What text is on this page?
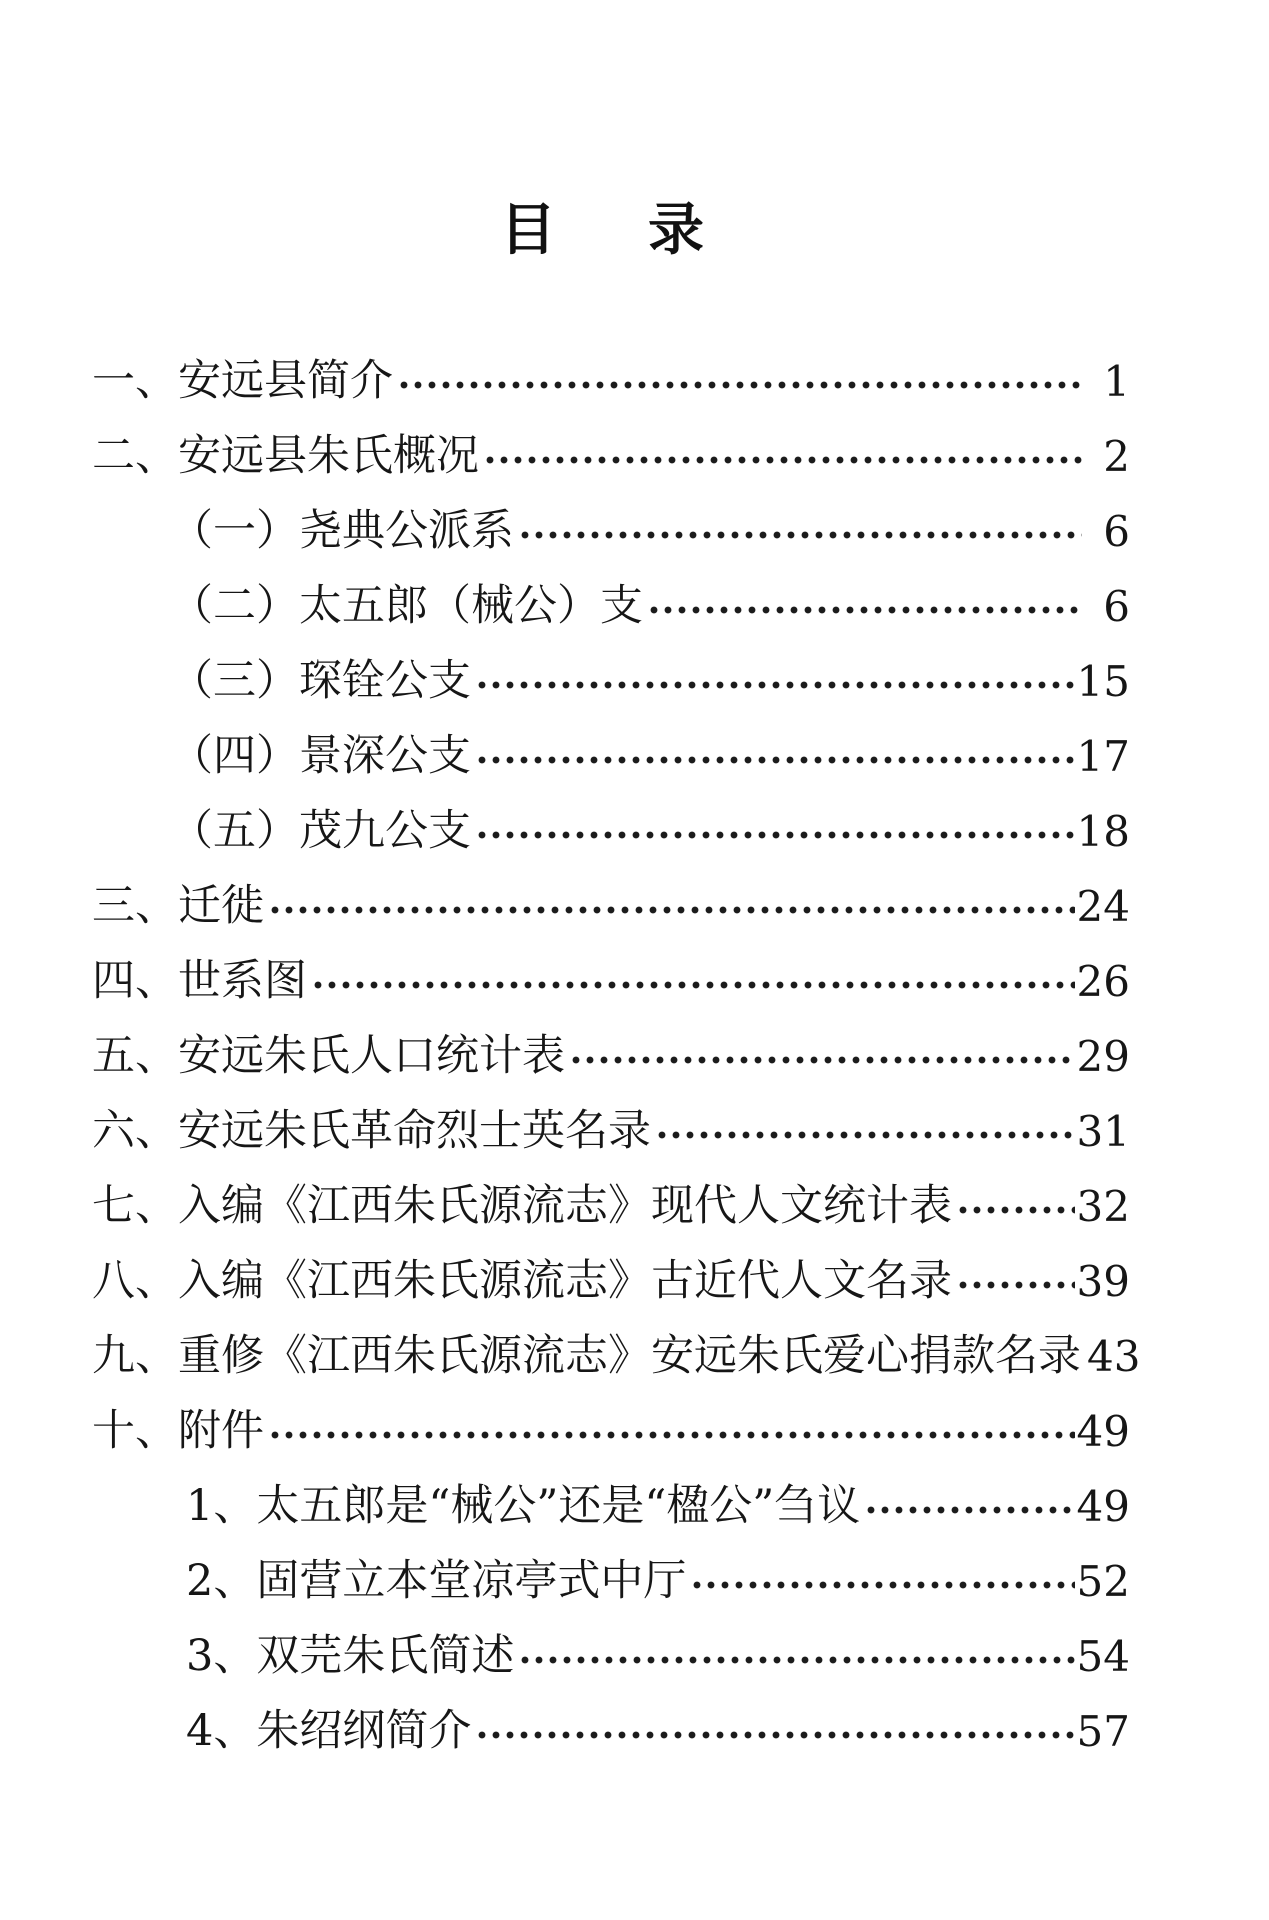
目　录
一、安远县简介	1
二、安远县朱氏概况	2
（一）尧典公派系	6
（二）太五郎（械公）支	6
（三）琛铨公支	15
（四）景深公支	17
（五）茂九公支	18
三、迁徙	24
四、世系图	26
五、安远朱氏人口统计表	29
六、安远朱氏革命烈士英名录	31
七、入编《江西朱氏源流志》现代人文统计表	32
八、入编《江西朱氏源流志》古近代人文名录	39
九、重修《江西朱氏源流志》安远朱氏爱心捐款名录 43
十、附件	49
1、太五郎是“械公”还是“楹公”刍议	49
2、固营立本堂凉亭式中厅	52
3、双芫朱氏简述	54
4、朱绍纲简介	57
